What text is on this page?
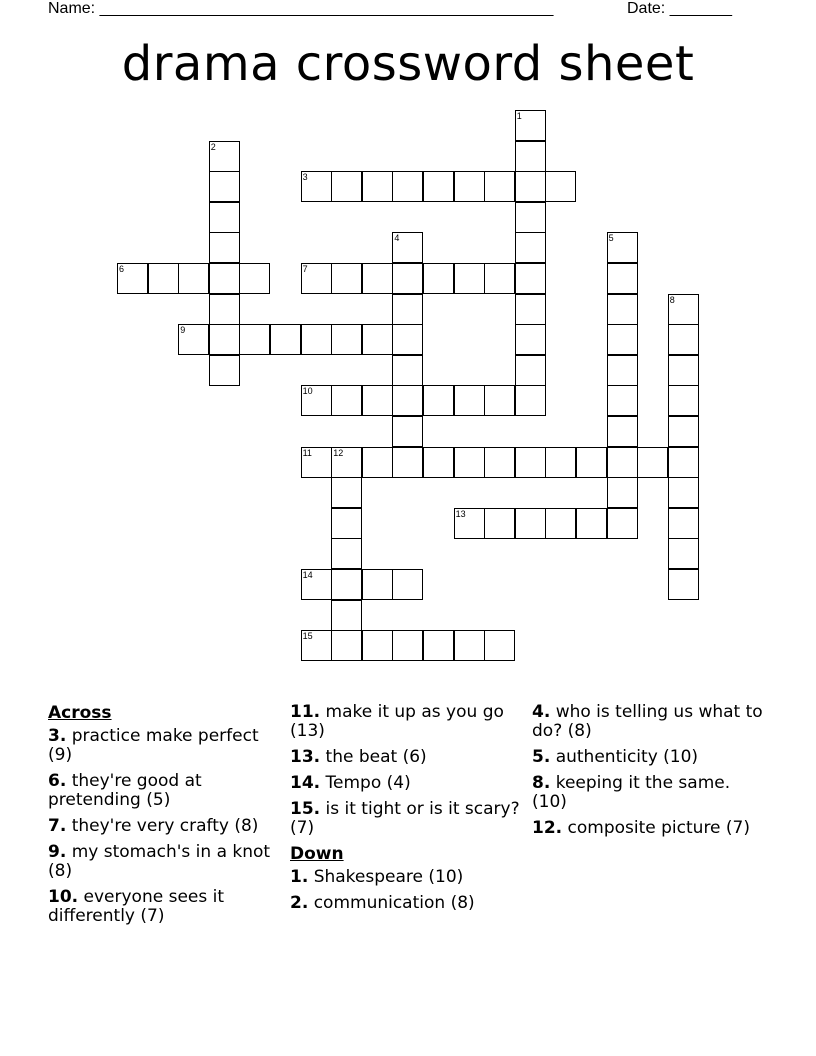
Name: ___________________________________________________	Date: _______
drama crossword sheet
1
2
3
4	5
6	7
8
9
10
11 12
13
14
15
Across
3. practice make perfect (9)
6. they're good at pretending (5)
7. they're very crafty (8)
9. my stomach's in a knot (8)
10. everyone sees it differently (7)
11. make it up as you go (13)
13. the beat (6)
14. Tempo (4)
15. is it tight or is it scary? (7)
Down
1. Shakespeare (10)
2. communication (8)
4. who is telling us what to do? (8)
5. authenticity (10)
8. keeping it the same. (10)
12. composite picture (7)
